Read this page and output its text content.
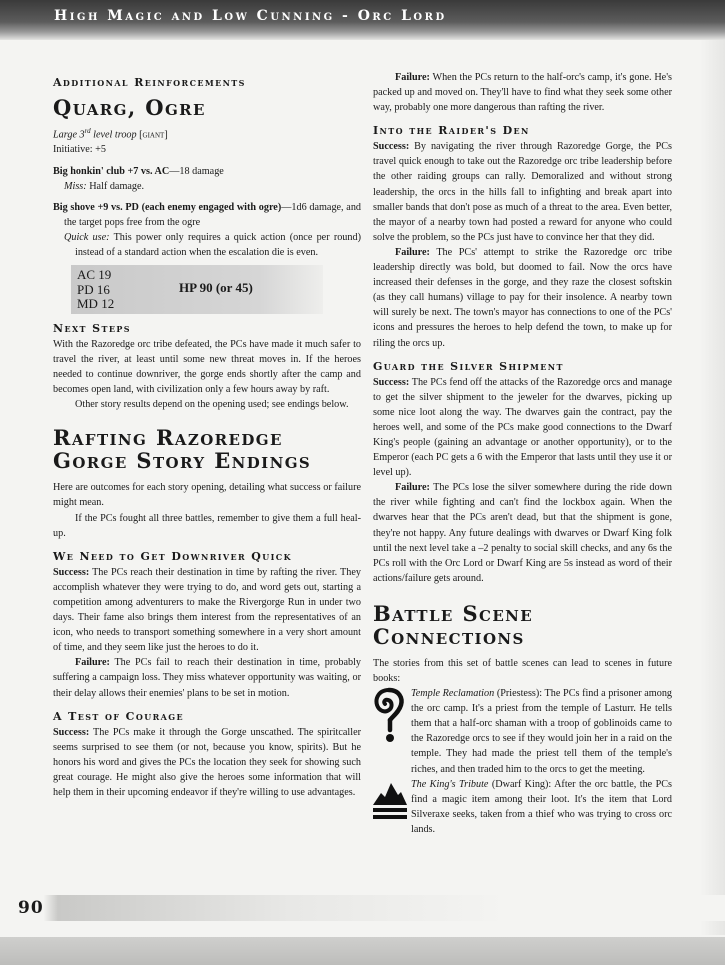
High Magic and Low Cunning - Orc Lord
Additional Reinforcements
Quarg, Ogre

Large 3rd level troop [giant]

Initiative: +5

Big honkin' club +7 vs. AC—18 damage

Miss: Half damage.

Big shove +9 vs. PD (each enemy engaged with ogre)—1d6 damage, and the target pops free from the ogre

Quick use: This power only requires a quick action (once per round) instead of a standard action when the escalation die is even.

AC 19
PD 16
MD 12
HP 90 (or 45)
Next Steps

With the Razoredge orc tribe defeated, the PCs have made it much safer to travel the river, at least until some new threat moves in. If the heroes needed to continue downriver, the gorge ends shortly after the camp and becomes open land, with civilization only a few hours away by raft.

Other story results depend on the opening used; see endings below.

Rafting Razoredge
Gorge Story Endings

Here are outcomes for each story opening, detailing what success or failure might mean.

If the PCs fought all three battles, remember to give them a full heal-up.

We Need to Get Downriver Quick

Success: The PCs reach their destination in time by rafting the river. They accomplish whatever they were trying to do, and word gets out, starting a competition among adventurers to make the Rivergorge Run in under two days. Their fame also brings them interest from the representatives of an icon, who needs to transport something somewhere in a very short amount of time, and they seem like just the heroes to do it.

Failure: The PCs fail to reach their destination in time, probably suffering a campaign loss. They miss whatever opportunity was waiting, or their delay allows their enemies' plans to be set in motion.

A Test of Courage

Success: The PCs make it through the Gorge unscathed. The spiritcaller seems surprised to see them (or not, because you know, spirits). But he honors his word and gives the PCs the location they seek for showing such great courage. He might also give the heroes some information that will help them in their upcoming endeavor if they're willing to use advantages.

Failure: When the PCs return to the half-orc's camp, it's gone. He's packed up and moved on. They'll have to find what they seek some other way, probably one more dangerous than rafting the river.

Into the Raider's Den

Success: By navigating the river through Razoredge Gorge, the PCs travel quick enough to take out the Razoredge orc tribe leadership before the other raiding groups can rally. Demoralized and without strong leadership, the orcs in the hills fall to infighting and break apart into smaller bands that don't pose as much of a threat to the area. Even better, the mayor of a nearby town had posted a reward for anyone who could solve the problem, so the PCs just have to convince her that they did.

Failure: The PCs' attempt to strike the Razoredge orc tribe leadership directly was bold, but doomed to fail. Now the orcs have increased their defenses in the gorge, and they raze the closest softskin (as they call humans) village to pay for their insolence. A nearby town will surely be next. The town's mayor has connections to one of the PCs' icons and pressures the heroes to help defend the town, to make up for riling the orcs up.

Guard the Silver Shipment

Success: The PCs fend off the attacks of the Razoredge orcs and manage to get the silver shipment to the jeweler for the dwarves, picking up some nice loot along the way. The dwarves gain the contract, pay the heroes well, and some of the PCs make good connections to the Dwarf King's people (gaining an advantage or another opportunity), or to the Emperor (each PC gets a 6 with the Emperor that lasts until they use it or level up).

Failure: The PCs lose the silver somewhere during the ride down the river while fighting and can't find the lockbox again. When the dwarves hear that the PCs aren't dead, but that the shipment is gone, they're not happy. Any future dealings with dwarves or Dwarf King folk until the next level take a –2 penalty to social skill checks, and any 6s the PCs roll with the Orc Lord or Dwarf King are 5s instead as word of their actions/failure gets around.

Battle Scene
Connections

The stories from this set of battle scenes can lead to scenes in future books:

Temple Reclamation (Priestess): The PCs find a prisoner among the orc camp. It's a priest from the temple of Lasturr. He tells them that a half-orc shaman with a troop of goblinoids came to the Razoredge orcs to see if they would join her in a raid on the temple. They had made the priest tell them of the temple's riches, and then traded him to the orcs to get the meeting.

The King's Tribute (Dwarf King): After the orc battle, the PCs find a magic item among their loot. It's the item that Lord Silveraxe seeks, taken from a thief who was trying to cross orc lands.

90
